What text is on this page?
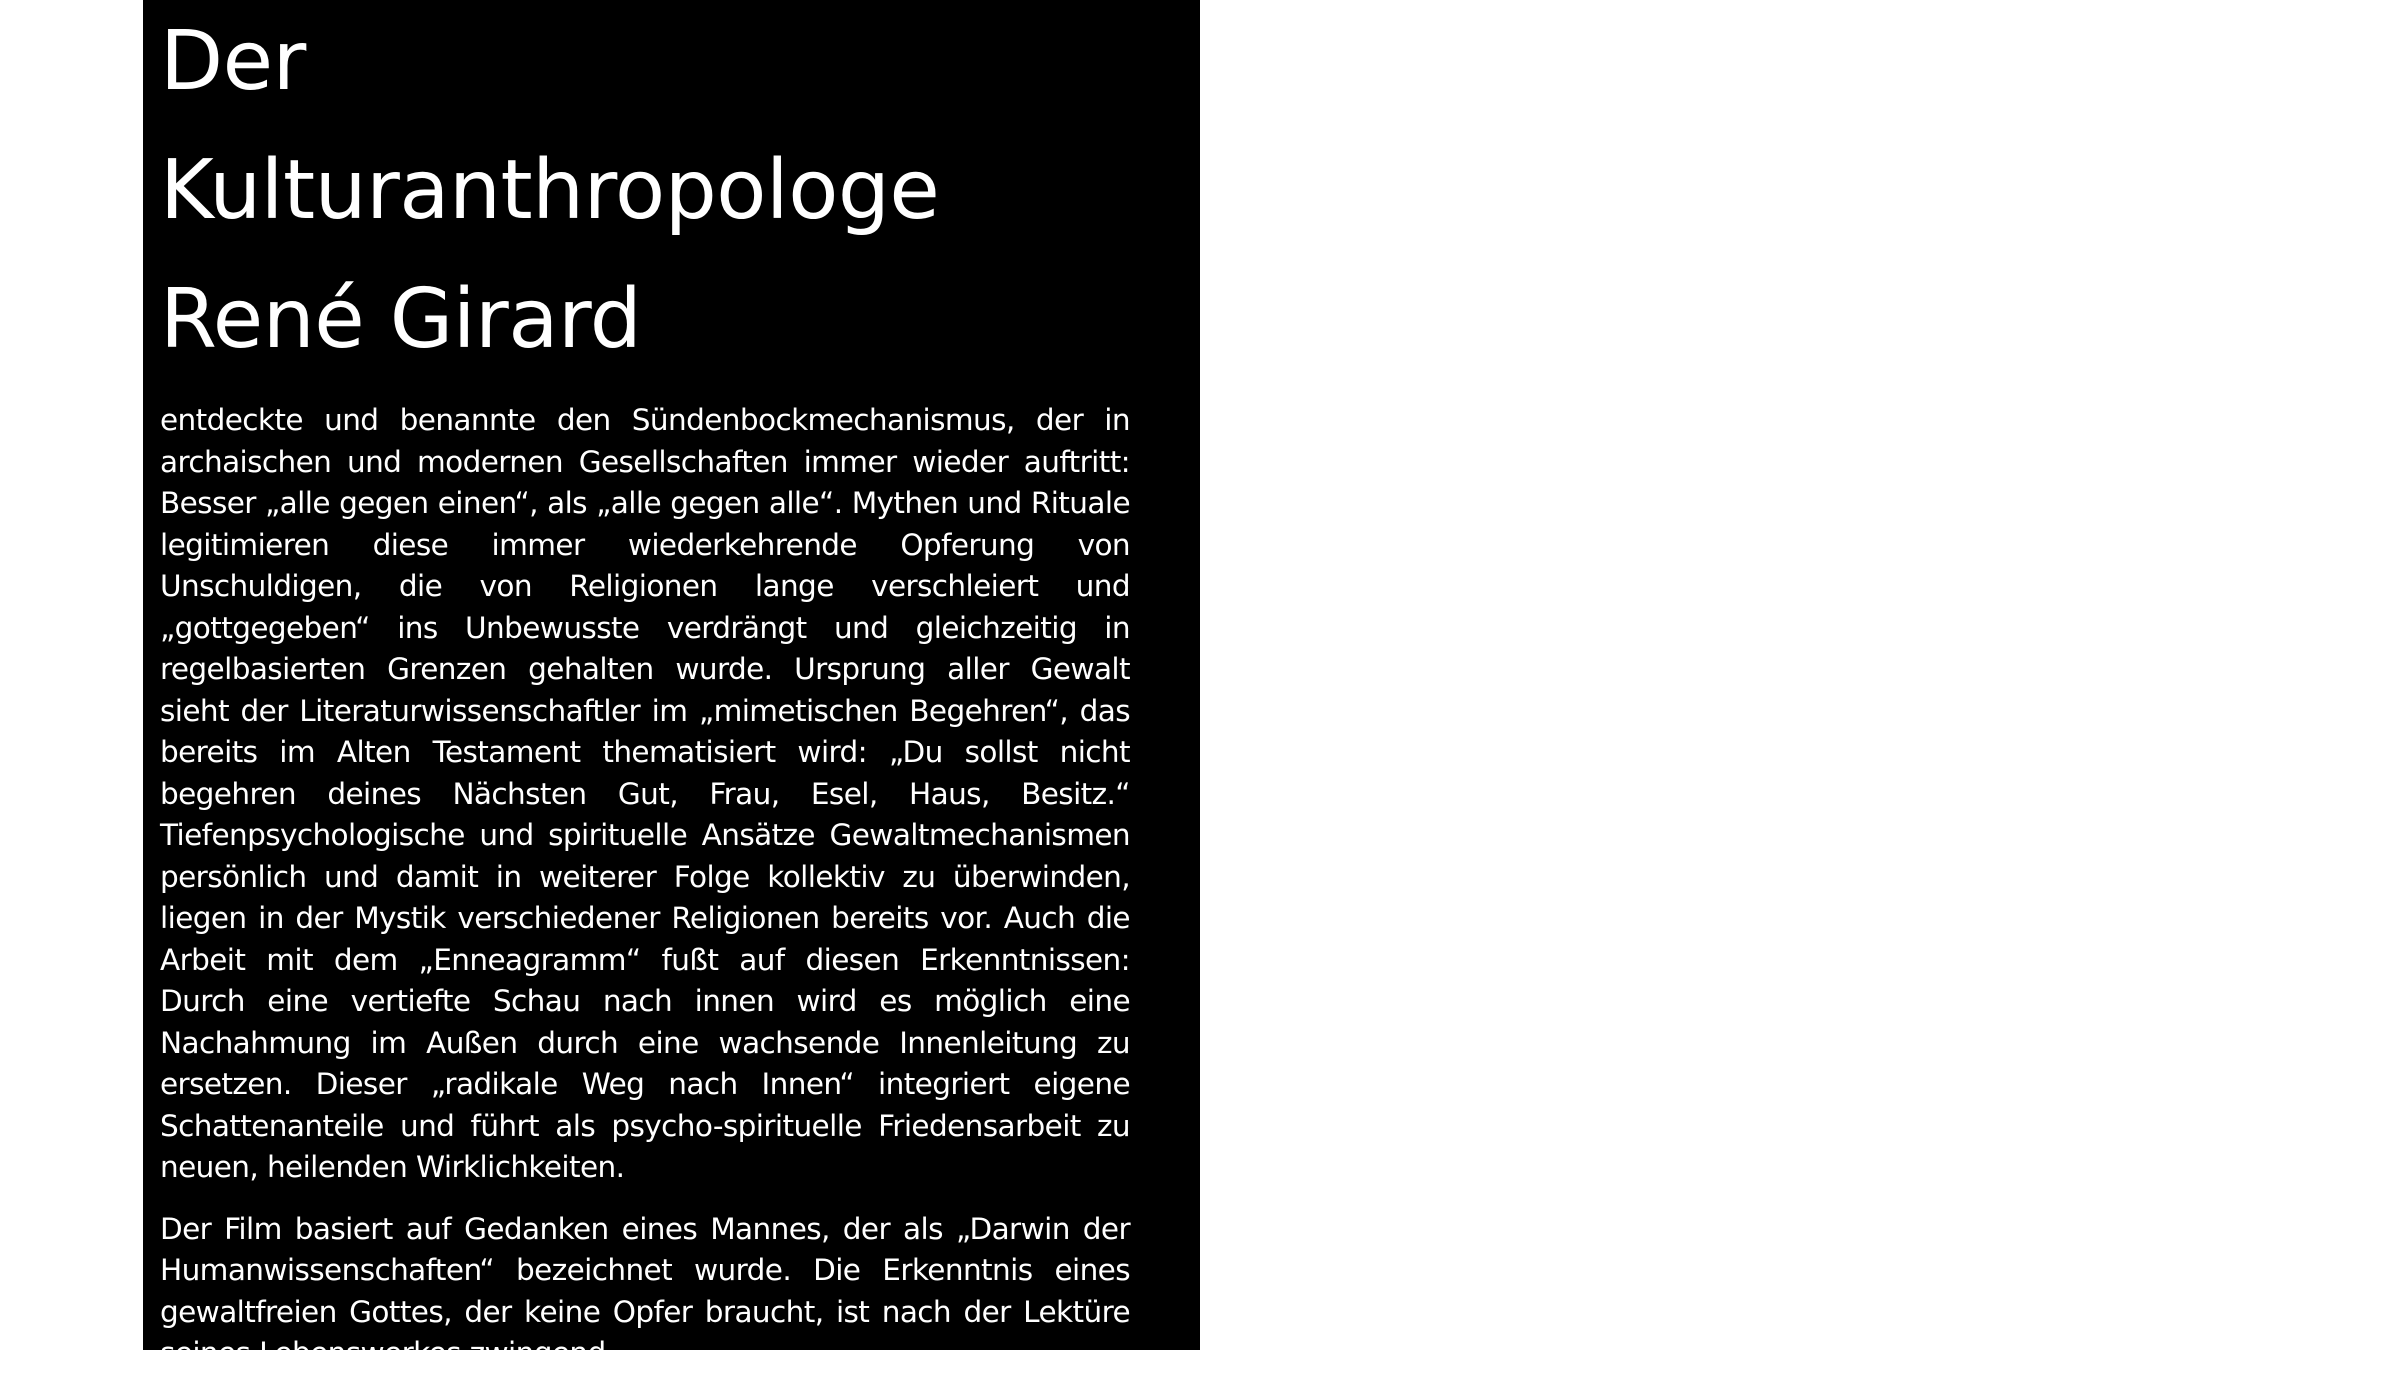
Der
Kulturanthropologe
René Girard

entdeckte und benannte den Sündenbockmechanismus, der in archaischen und modernen Gesellschaften immer wieder auftritt: Besser „alle gegen einen“, als „alle gegen alle“. Mythen und Rituale legitimieren diese immer wiederkehrende Opferung von Unschuldigen, die von Religionen lange verschleiert und „gottgegeben“ ins Unbewusste verdrängt und gleichzeitig in regelbasierten Grenzen gehalten wurde. Ursprung aller Gewalt sieht der Literaturwissenschaftler im „mimetischen Begehren“, das bereits im Alten Testament thematisiert wird: „Du sollst nicht begehren deines Nächsten Gut, Frau, Esel, Haus, Besitz.“ Tiefenpsychologische und spirituelle Ansätze Gewaltmechanismen persönlich und damit in weiterer Folge kollektiv zu überwinden, liegen in der Mystik verschiedener Religionen bereits vor. Auch die Arbeit mit dem „Enneagramm“ fußt auf diesen Erkenntnissen: Durch eine vertiefte Schau nach innen wird es möglich eine Nachahmung im Außen durch eine wachsende Innenleitung zu ersetzen. Dieser „radikale Weg nach Innen“ integriert eigene Schattenanteile und führt als psycho-spirituelle Friedensarbeit zu neuen, heilenden Wirklichkeiten.

Der Film basiert auf Gedanken eines Mannes, der als „Darwin der Humanwissenschaften“ bezeichnet wurde. Die Erkenntnis eines gewaltfreien Gottes, der keine Opfer braucht, ist nach der Lektüre seines Lebenswerkes zwingend.
